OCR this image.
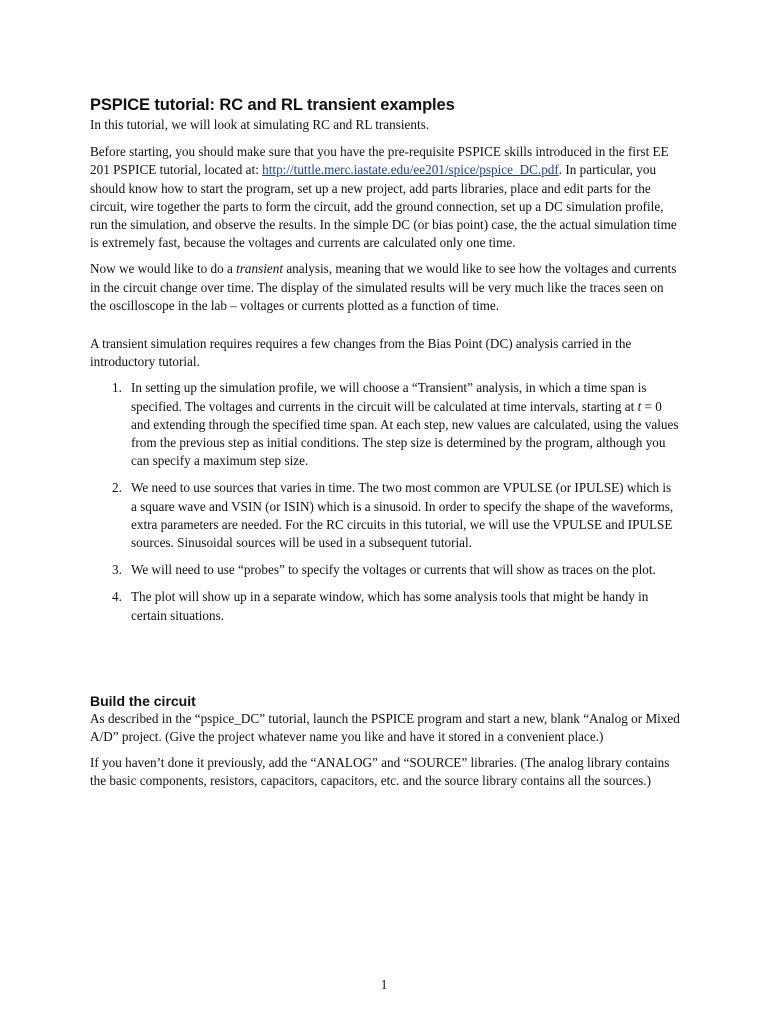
PSPICE tutorial: RC and RL transient examples

In this tutorial, we will look at simulating RC and RL transients.

Before starting, you should make sure that you have the pre-requisite PSPICE skills introduced in the first EE 201 PSPICE tutorial, located at: http://tuttle.merc.iastate.edu/ee201/spice/pspice_DC.pdf. In particular, you should know how to start the program, set up a new project, add parts libraries, place and edit parts for the circuit, wire together the parts to form the circuit, add the ground connection, set up a DC simulation profile, run the simulation, and observe the results. In the simple DC (or bias point) case, the the actual simulation time is extremely fast, because the voltages and currents are calculated only one time.

Now we would like to do a transient analysis, meaning that we would like to see how the voltages and currents in the circuit change over time. The display of the simulated results will be very much like the traces seen on the oscilloscope in the lab – voltages or currents plotted as a function of time.

A transient simulation requires requires a few changes from the Bias Point (DC) analysis carried in the introductory tutorial.

1. In setting up the simulation profile, we will choose a “Transient” analysis, in which a time span is specified. The voltages and currents in the circuit will be calculated at time intervals, starting at t = 0 and extending through the specified time span. At each step, new values are calculated, using the values from the previous step as initial conditions. The step size is determined by the program, although you can specify a maximum step size.
2. We need to use sources that varies in time. The two most common are VPULSE (or IPULSE) which is a square wave and VSIN (or ISIN) which is a sinusoid. In order to specify the shape of the waveforms, extra parameters are needed. For the RC circuits in this tutorial, we will use the VPULSE and IPULSE sources. Sinusoidal sources will be used in a subsequent tutorial.
3. We will need to use “probes” to specify the voltages or currents that will show as traces on the plot.
4. The plot will show up in a separate window, which has some analysis tools that might be handy in certain situations.
Build the circuit

As described in the “pspice_DC” tutorial, launch the PSPICE program and start a new, blank “Analog or Mixed A/D” project. (Give the project whatever name you like and have it stored in a convenient place.)

If you haven’t done it previously, add the “ANALOG” and “SOURCE” libraries. (The analog library contains the basic components, resistors, capacitors, capacitors, etc. and the source library contains all the sources.)

1
